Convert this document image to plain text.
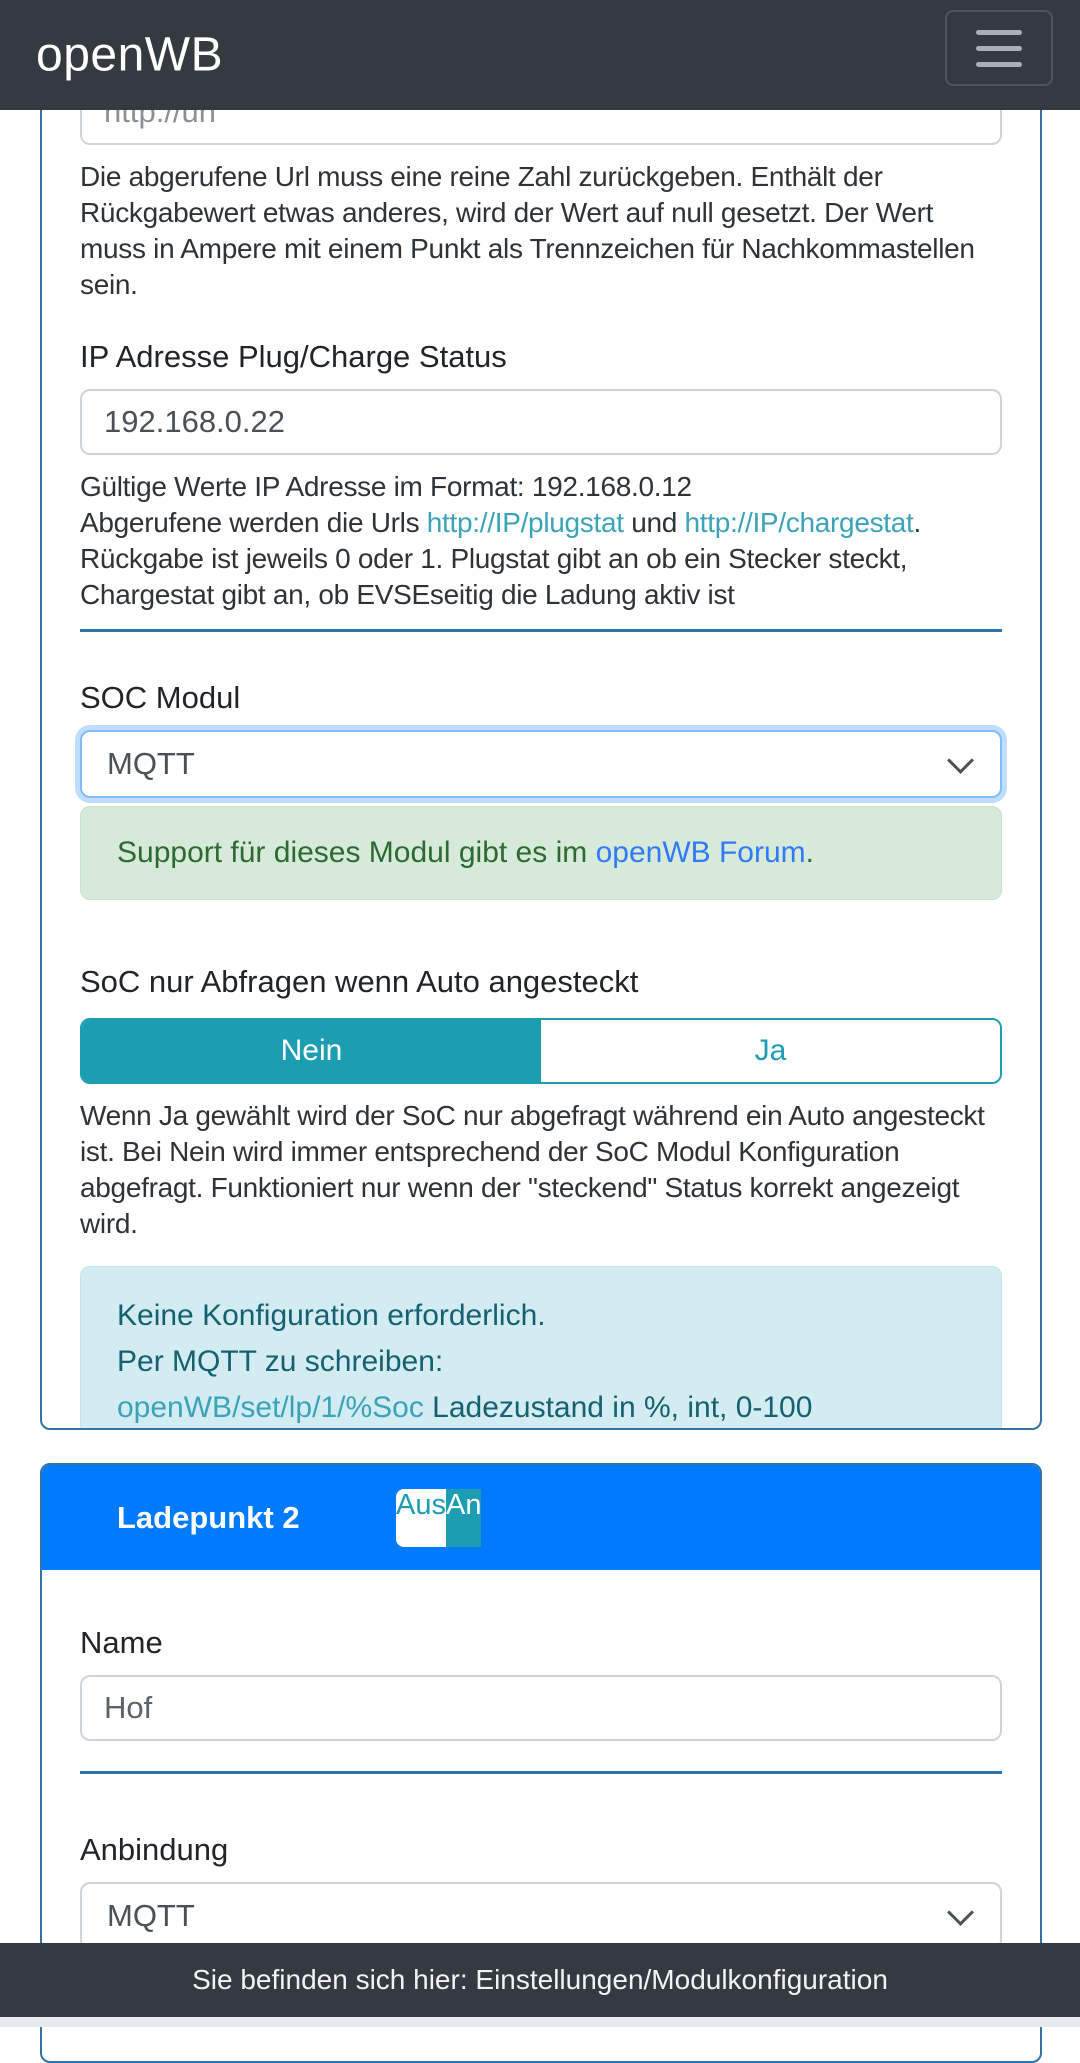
http://url
Die abgerufene Url muss eine reine Zahl zurückgeben. Enthält der Rückgabewert etwas anderes, wird der Wert auf null gesetzt. Der Wert muss in Ampere mit einem Punkt als Trennzeichen für Nachkommastellen sein.
IP Adresse Plug/Charge Status
192.168.0.22
Gültige Werte IP Adresse im Format: 192.168.0.12
Abgerufene werden die Urls http://IP/plugstat und http://IP/chargestat. Rückgabe ist jeweils 0 oder 1. Plugstat gibt an ob ein Stecker steckt, Chargestat gibt an, ob EVSEseitig die Ladung aktiv ist
SOC Modul
MQTT
Support für dieses Modul gibt es im openWB Forum.
SoC nur Abfragen wenn Auto angesteckt
Nein	Ja
Wenn Ja gewählt wird der SoC nur abgefragt während ein Auto angesteckt ist. Bei Nein wird immer entsprechend der SoC Modul Konfiguration abgefragt. Funktioniert nur wenn der "steckend" Status korrekt angezeigt wird.
Keine Konfiguration erforderlich.
Per MQTT zu schreiben:
openWB/set/lp/1/%Soc Ladezustand in %, int, 0-100
Ladepunkt 2	Aus An
Name
Hof
Anbindung
MQTT
openWB
Sie befinden sich hier: Einstellungen/Modulkonfiguration
